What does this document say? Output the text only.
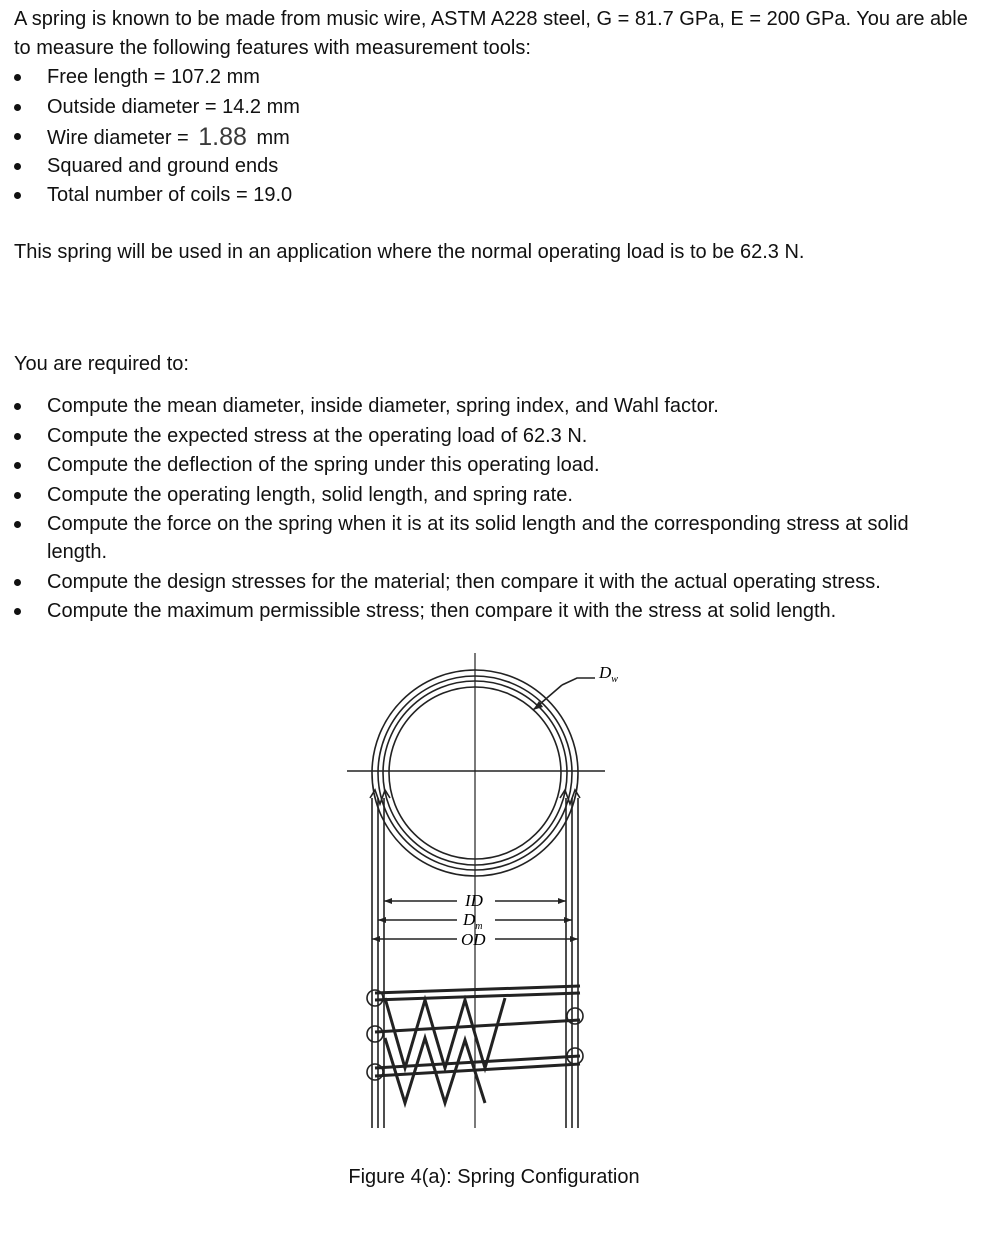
A spring is known to be made from music wire, ASTM A228 steel, G = 81.7 GPa, E = 200 GPa. You are able to measure the following features with measurement tools:

Free length = 107.2 mm
Outside diameter = 14.2 mm
Wire diameter = 1.88 mm
Squared and ground ends
Total number of coils = 19.0

This spring will be used in an application where the normal operating load is to be 62.3 N.

You are required to:

Compute the mean diameter, inside diameter, spring index, and Wahl factor.
Compute the expected stress at the operating load of 62.3 N.
Compute the deflection of the spring under this operating load.
Compute the operating length, solid length, and spring rate.
Compute the force on the spring when it is at its solid length and the corresponding stress at solid length.
Compute the design stresses for the material; then compare it with the actual operating stress.
Compute the maximum permissible stress; then compare it with the stress at solid length.
$D_w$
ID
$D_m$
OD

Figure 4(a): Spring Configuration
